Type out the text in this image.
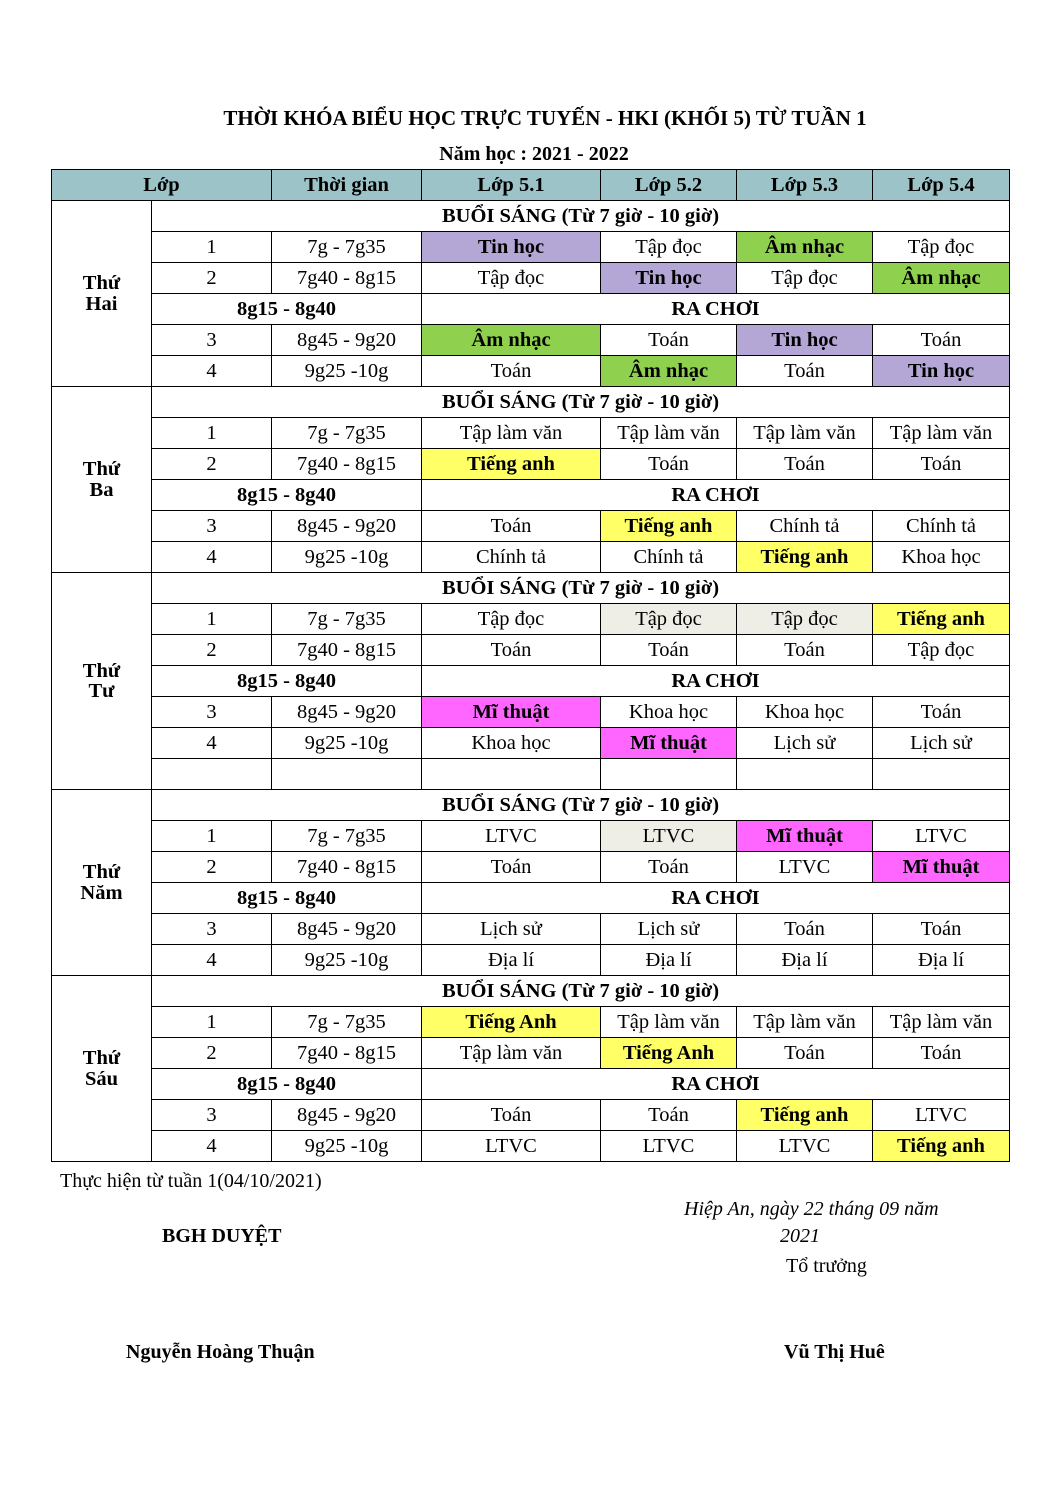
THỜI KHÓA BIỂU HỌC TRỰC TUYẾN - HKI (KHỐI 5) TỪ TUẦN 1
Năm học : 2021 - 2022
Lớp		Thời gian	Lớp 5.1	Lớp 5.2	Lớp 5.3	Lớp 5.4

Thứ
Hai	BUỔI SÁNG (Từ 7 giờ - 10 giờ)					
	1	7g - 7g35	Tin học	Tập đọc	Âm nhạc	Tập đọc
	2	7g40 - 8g15	Tập đọc	Tin học	Tập đọc	Âm nhạc
	8g15 - 8g40		RA CHƠI			
	3	8g45 - 9g20	Âm nhạc	Toán	Tin học	Toán
	4	9g25 -10g	Toán	Âm nhạc	Toán	Tin học

Thứ
Ba	BUỔI SÁNG (Từ 7 giờ - 10 giờ)					
	1	7g - 7g35	Tập làm văn	Tập làm văn	Tập làm văn	Tập làm văn
	2	7g40 - 8g15	Tiếng anh	Toán	Toán	Toán
	8g15 - 8g40		RA CHƠI			
	3	8g45 - 9g20	Toán	Tiếng anh	Chính tả	Chính tả
	4	9g25 -10g	Chính tả	Chính tả	Tiếng anh	Khoa học

Thứ
Tư	BUỔI SÁNG (Từ 7 giờ - 10 giờ)					
	1	7g - 7g35	Tập đọc	Tập đọc	Tập đọc	Tiếng anh
	2	7g40 - 8g15	Toán	Toán	Toán	Tập đọc
	8g15 - 8g40		RA CHƠI			
	3	8g45 - 9g20	Mĩ thuật	Khoa học	Khoa học	Toán
	4	9g25 -10g	Khoa học	Mĩ thuật	Lịch sử	Lịch sử

Thứ
Năm	BUỔI SÁNG (Từ 7 giờ - 10 giờ)					
	1	7g - 7g35	LTVC	LTVC	Mĩ thuật	LTVC
	2	7g40 - 8g15	Toán	Toán	LTVC	Mĩ thuật
	8g15 - 8g40		RA CHƠI			
	3	8g45 - 9g20	Lịch sử	Lịch sử	Toán	Toán
	4	9g25 -10g	Địa lí	Địa lí	Địa lí	Địa lí

Thứ
Sáu	BUỔI SÁNG (Từ 7 giờ - 10 giờ)					
	1	7g - 7g35	Tiếng Anh	Tập làm văn	Tập làm văn	Tập làm văn
	2	7g40 - 8g15	Tập làm văn	Tiếng Anh	Toán	Toán
	8g15 - 8g40		RA CHƠI			
	3	8g45 - 9g20	Toán	Toán	Tiếng anh	LTVC
	4	9g25 -10g	LTVC	LTVC	LTVC	Tiếng anh
Thực hiện từ tuần 1(04/10/2021)
BGH DUYỆT
Hiệp An, ngày 22 tháng 09 năm
2021
Tổ trưởng
Nguyễn Hoàng Thuận	Vũ Thị Huê
